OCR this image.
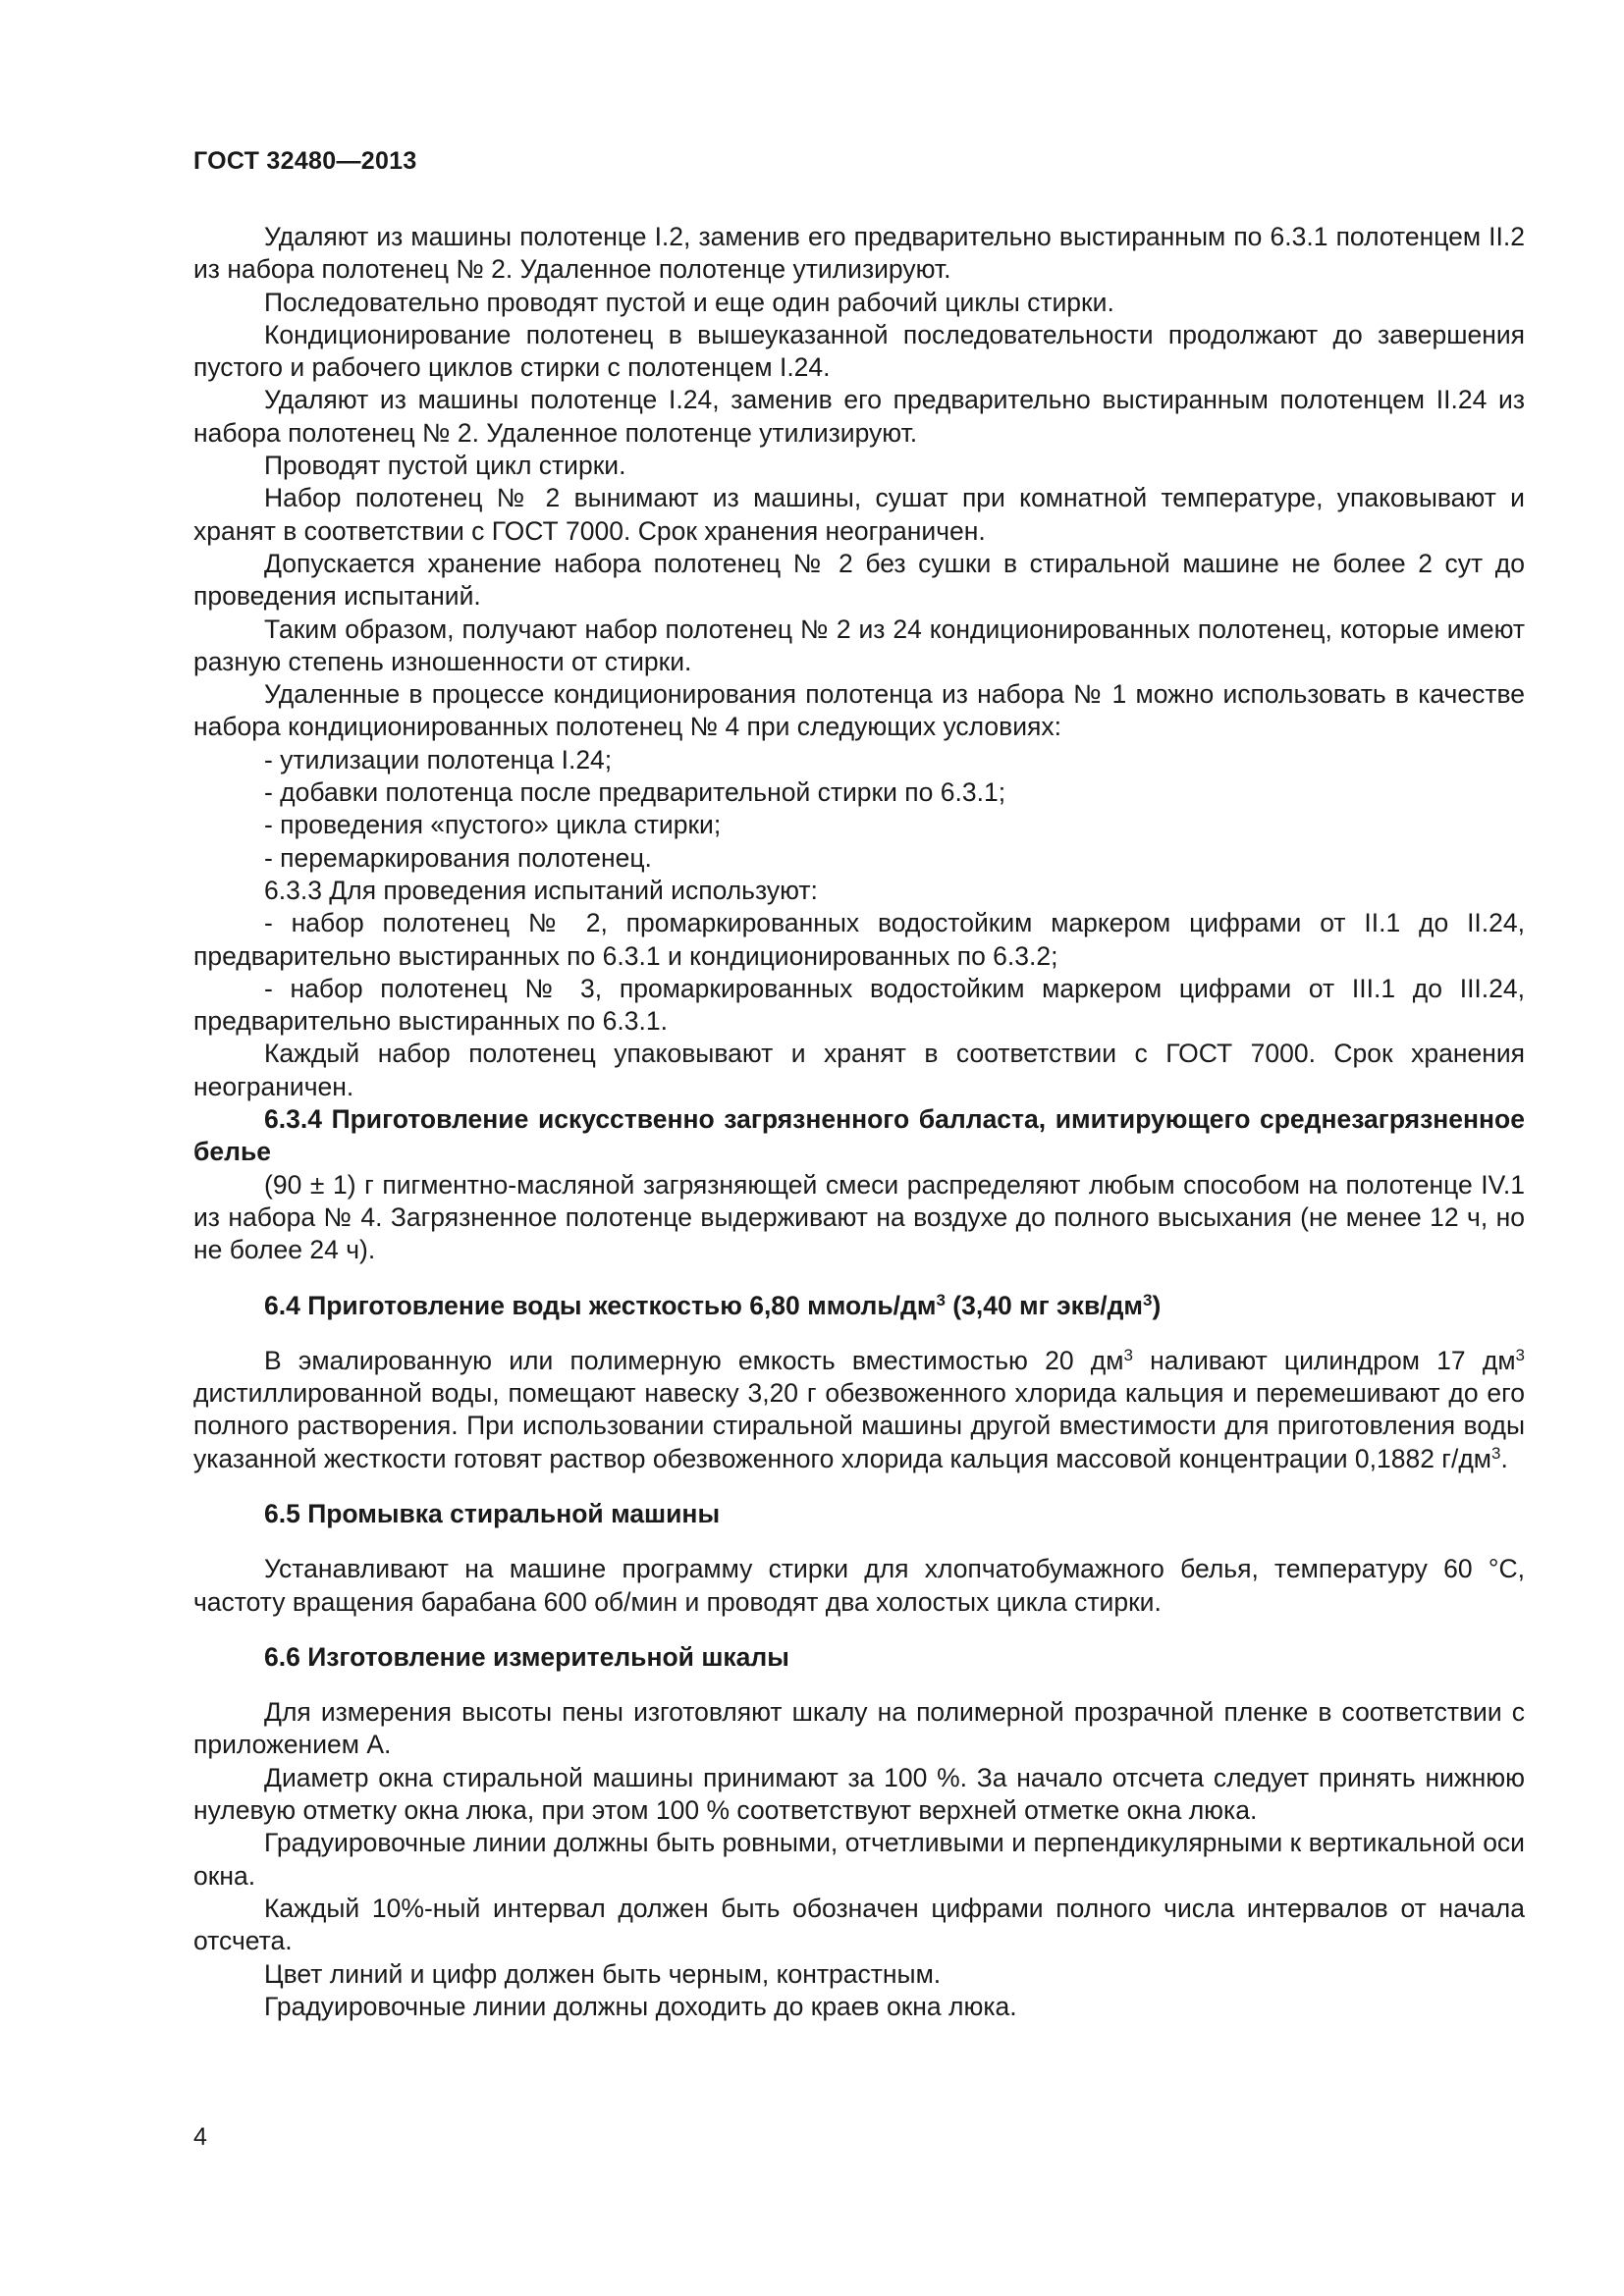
ГОСТ 32480—2013

Удаляют из машины полотенце I.2, заменив его предварительно выстиранным по 6.3.1 полотенцем II.2 из набора полотенец № 2. Удаленное полотенце утилизируют.

Последовательно проводят пустой и еще один рабочий циклы стирки.

Кондиционирование полотенец в вышеуказанной последовательности продолжают до завершения пустого и рабочего циклов стирки с полотенцем I.24.

Удаляют из машины полотенце I.24, заменив его предварительно выстиранным полотенцем II.24 из набора полотенец № 2. Удаленное полотенце утилизируют.

Проводят пустой цикл стирки.

Набор полотенец № 2 вынимают из машины, сушат при комнатной температуре, упаковывают и хранят в соответствии с ГОСТ 7000. Срок хранения неограничен.

Допускается хранение набора полотенец № 2 без сушки в стиральной машине не более 2 сут до проведения испытаний.

Таким образом, получают набор полотенец № 2 из 24 кондиционированных полотенец, которые имеют разную степень изношенности от стирки.

Удаленные в процессе кондиционирования полотенца из набора № 1 можно использовать в качестве набора кондиционированных полотенец № 4 при следующих условиях:

- утилизации полотенца I.24;

- добавки полотенца после предварительной стирки по 6.3.1;

- проведения «пустого» цикла стирки;

- перемаркирования полотенец.

6.3.3 Для проведения испытаний используют:

- набор полотенец № 2, промаркированных водостойким маркером цифрами от II.1 до II.24, предварительно выстиранных по 6.3.1 и кондиционированных по 6.3.2;

- набор полотенец № 3, промаркированных водостойким маркером цифрами от III.1 до III.24, предварительно выстиранных по 6.3.1.

Каждый набор полотенец упаковывают и хранят в соответствии с ГОСТ 7000. Срок хранения неограничен.

6.3.4 Приготовление искусственно загрязненного балласта, имитирующего среднезагрязненное белье

(90 ± 1) г пигментно-масляной загрязняющей смеси распределяют любым способом на полотенце IV.1 из набора № 4. Загрязненное полотенце выдерживают на воздухе до полного высыхания (не менее 12 ч, но не более 24 ч).

6.4 Приготовление воды жесткостью 6,80 ммоль/$дм^3$ (3,40 мг экв/$дм^3$)

В эмалированную или полимерную емкость вместимостью 20 $дм^3$ наливают цилиндром 17 $дм^3$ дистиллированной воды, помещают навеску 3,20 г обезвоженного хлорида кальция и перемешивают до его полного растворения. При использовании стиральной машины другой вместимости для приготовления воды указанной жесткости готовят раствор обезвоженного хлорида кальция массовой концентрации 0,1882 $г/дм^3$.

6.5 Промывка стиральной машины

Устанавливают на машине программу стирки для хлопчатобумажного белья, температуру 60 °С, частоту вращения барабана 600 об/мин и проводят два холостых цикла стирки.

6.6 Изготовление измерительной шкалы

Для измерения высоты пены изготовляют шкалу на полимерной прозрачной пленке в соответствии с приложением А.

Диаметр окна стиральной машины принимают за 100 %. За начало отсчета следует принять нижнюю нулевую отметку окна люка, при этом 100 % соответствуют верхней отметке окна люка.

Градуировочные линии должны быть ровными, отчетливыми и перпендикулярными к вертикальной оси окна.

Каждый 10%-ный интервал должен быть обозначен цифрами полного числа интервалов от начала отсчета.

Цвет линий и цифр должен быть черным, контрастным.

Градуировочные линии должны доходить до краев окна люка.

4
